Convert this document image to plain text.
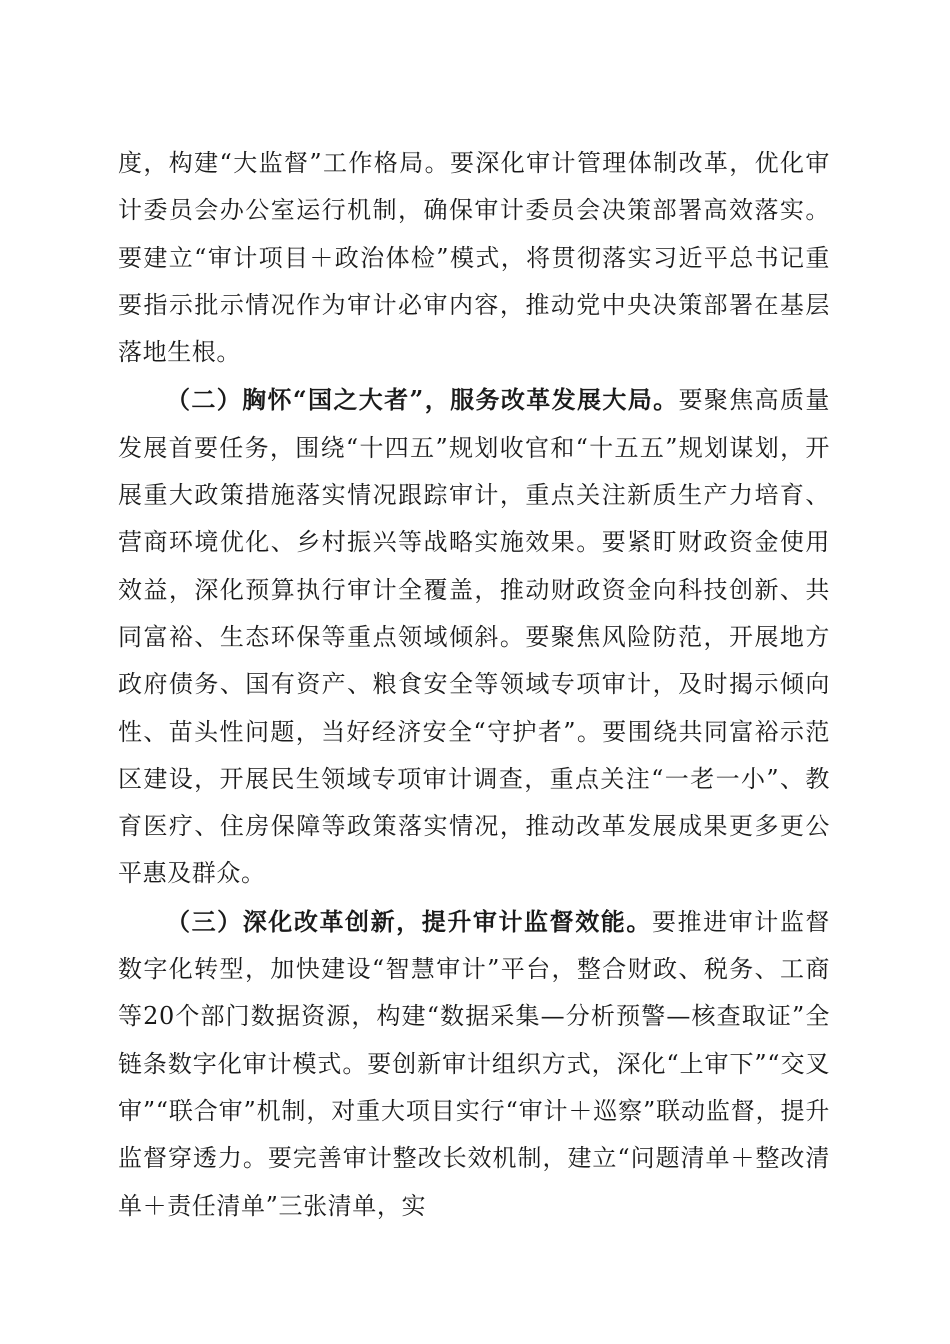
度，构建“大监督”工作格局。要深化审计管理体制改革，优化审计委员会办公室运行机制，确保审计委员会决策部署高效落实。要建立“审计项目＋政治体检”模式，将贯彻落实习近平总书记重要指示批示情况作为审计必审内容，推动党中央决策部署在基层落地生根。

（二）胸怀“国之大者”，服务改革发展大局。要聚焦高质量发展首要任务，围绕“十四五”规划收官和“十五五”规划谋划，开展重大政策措施落实情况跟踪审计，重点关注新质生产力培育、营商环境优化、乡村振兴等战略实施效果。要紧盯财政资金使用效益，深化预算执行审计全覆盖，推动财政资金向科技创新、共同富裕、生态环保等重点领域倾斜。要聚焦风险防范，开展地方政府债务、国有资产、粮食安全等领域专项审计，及时揭示倾向性、苗头性问题，当好经济安全“守护者”。要围绕共同富裕示范区建设，开展民生领域专项审计调查，重点关注“一老一小”、教育医疗、住房保障等政策落实情况，推动改革发展成果更多更公平惠及群众。

（三）深化改革创新，提升审计监督效能。要推进审计监督数字化转型，加快建设“智慧审计”平台，整合财政、税务、工商等20个部门数据资源，构建“数据采集—分析预警—核查取证”全链条数字化审计模式。要创新审计组织方式，深化“上审下”“交叉审”“联合审”机制，对重大项目实行“审计＋巡察”联动监督，提升监督穿透力。要完善审计整改长效机制，建立“问题清单＋整改清单＋责任清单”三张清单，实
